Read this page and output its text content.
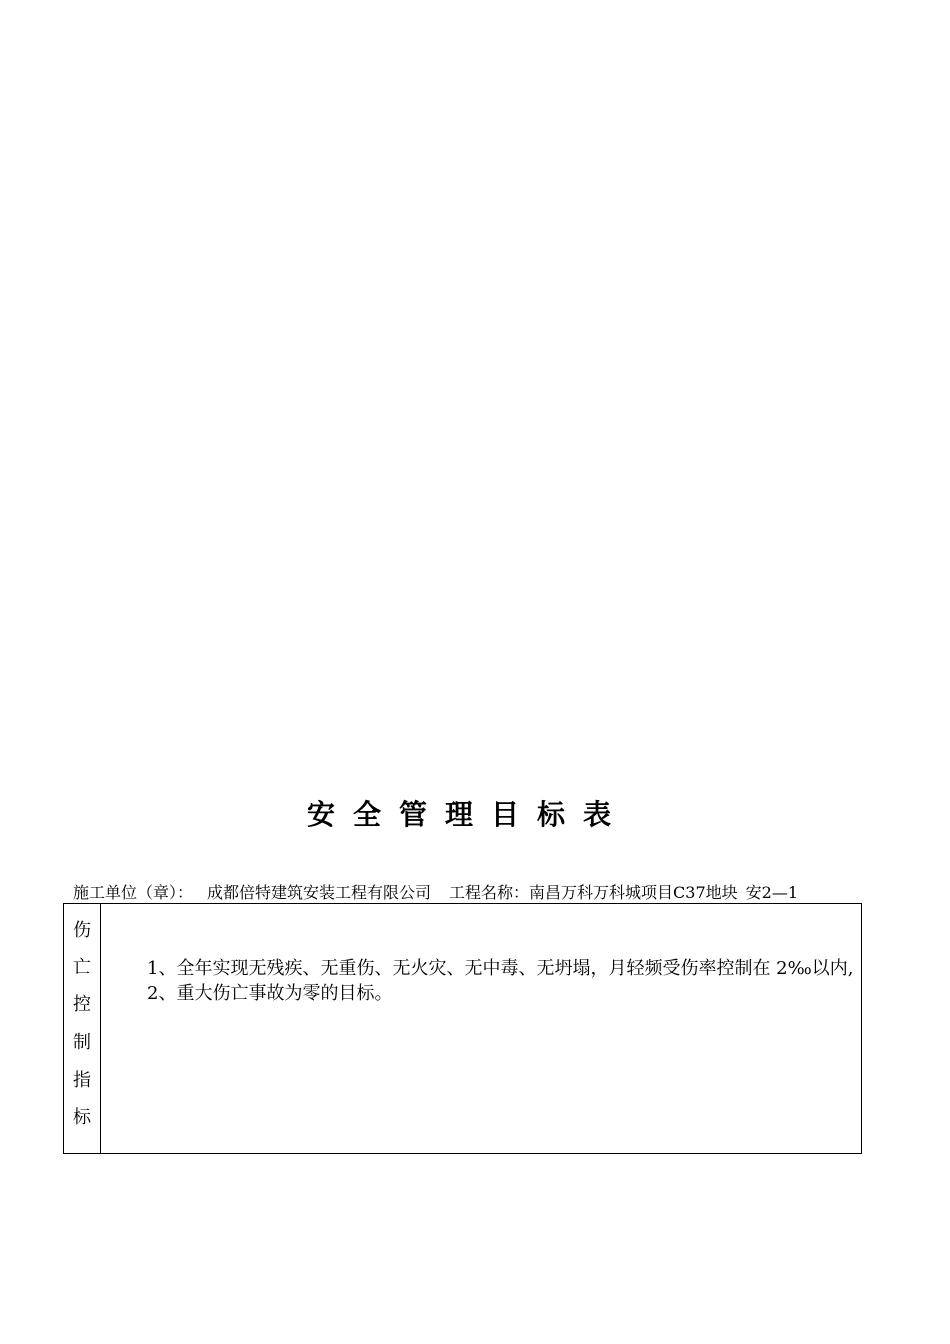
安全管理目标表
施工单位（章）： 成都倍特建筑安装工程有限公司 工程名称：南昌万科万科城项目C37地块 安2—1
伤
亡
控
制
指
标

1、全年实现无残疾、无重伤、无火灾、无中毒、无坍塌，月轻频受伤率控制在 2‰以内,

2、重大伤亡事故为零的目标。
